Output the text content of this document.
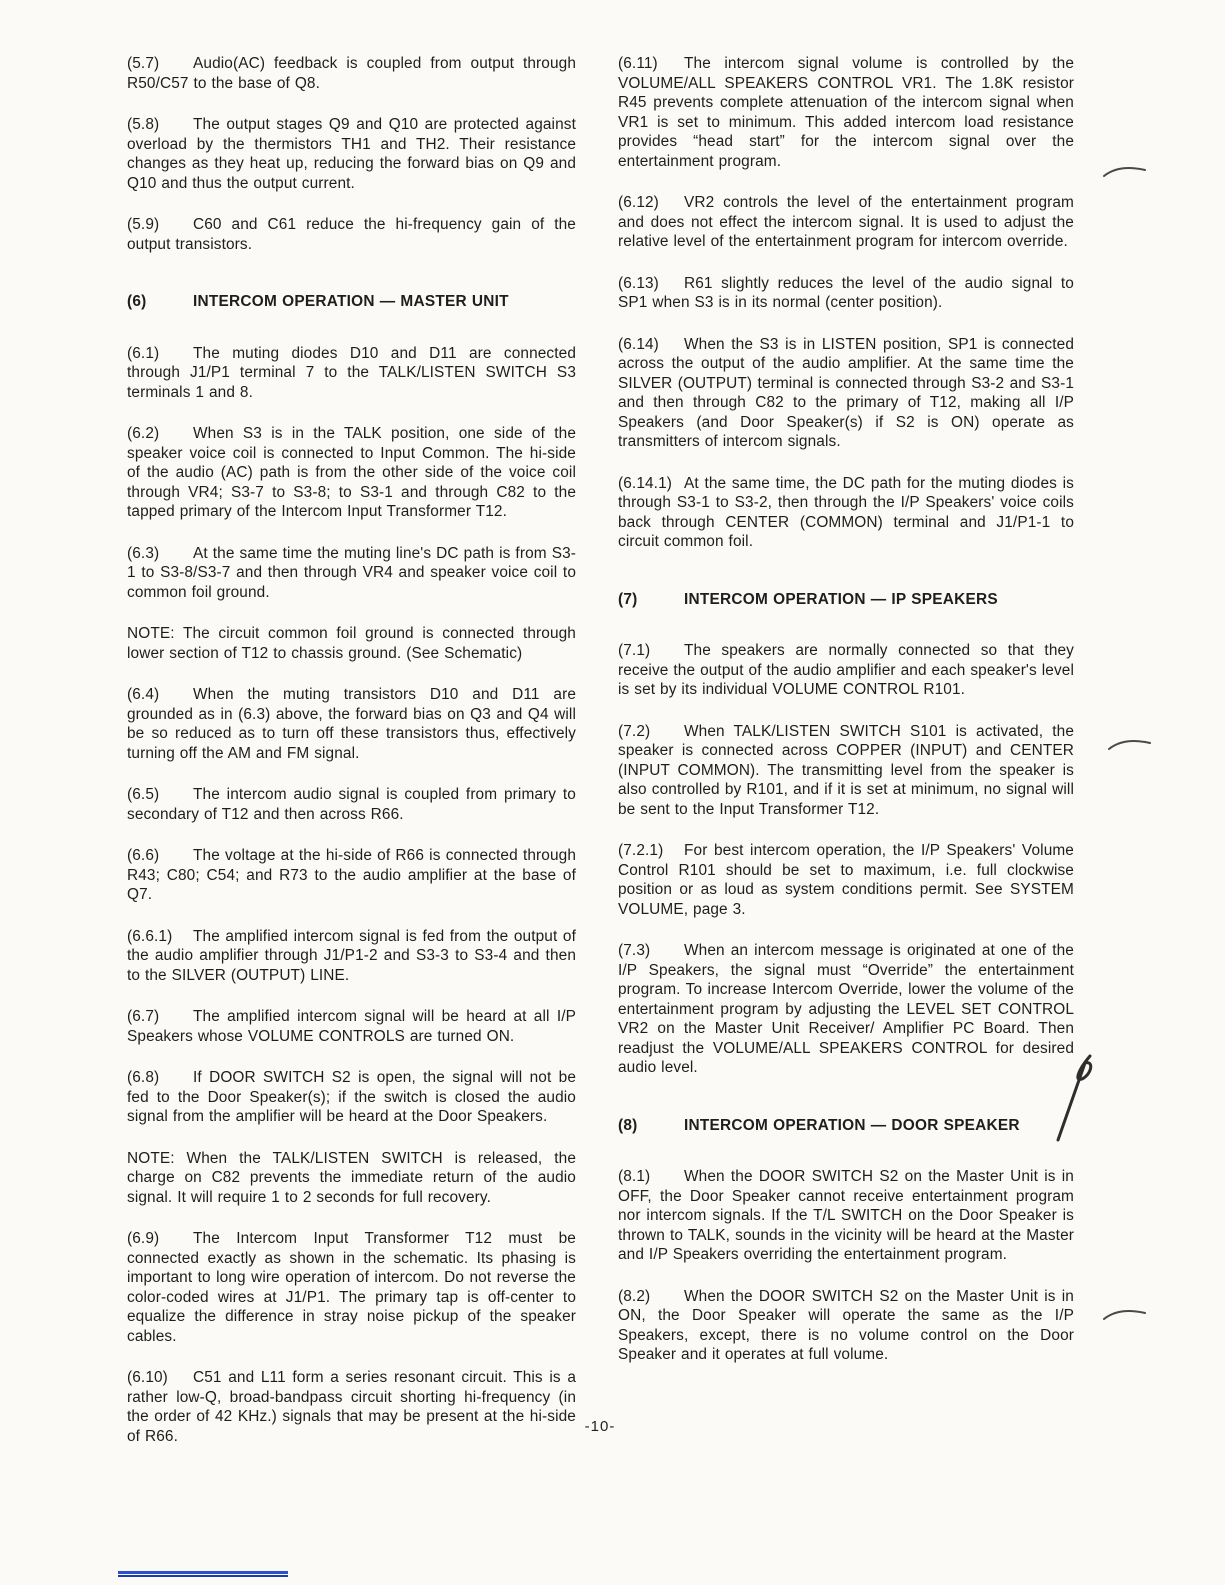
(5.7) Audio(AC) feedback is coupled from output through R50/C57 to the base of Q8.
(5.8) The output stages Q9 and Q10 are protected against overload by the thermistors TH1 and TH2. Their resistance changes as they heat up, reducing the forward bias on Q9 and Q10 and thus the output current.
(5.9) C60 and C61 reduce the hi-frequency gain of the output transistors.
(6)	INTERCOM OPERATION — MASTER UNIT
(6.1) The muting diodes D10 and D11 are connected through J1/P1 terminal 7 to the TALK/LISTEN SWITCH S3 terminals 1 and 8.
(6.2) When S3 is in the TALK position, one side of the speaker voice coil is connected to Input Common. The hi-side of the audio (AC) path is from the other side of the voice coil through VR4; S3-7 to S3-8; to S3-1 and through C82 to the tapped primary of the Intercom Input Transformer T12.
(6.3) At the same time the muting line's DC path is from S3-1 to S3-8/S3-7 and then through VR4 and speaker voice coil to common foil ground.
NOTE: The circuit common foil ground is connected through lower section of T12 to chassis ground. (See Schematic)
(6.4) When the muting transistors D10 and D11 are grounded as in (6.3) above, the forward bias on Q3 and Q4 will be so reduced as to turn off these transistors thus, effectively turning off the AM and FM signal.
(6.5) The intercom audio signal is coupled from primary to secondary of T12 and then across R66.
(6.6) The voltage at the hi-side of R66 is connected through R43; C80; C54; and R73 to the audio amplifier at the base of Q7.
(6.6.1) The amplified intercom signal is fed from the output of the audio amplifier through J1/P1-2 and S3-3 to S3-4 and then to the SILVER (OUTPUT) LINE.
(6.7) The amplified intercom signal will be heard at all I/P Speakers whose VOLUME CONTROLS are turned ON.
(6.8) If DOOR SWITCH S2 is open, the signal will not be fed to the Door Speaker(s); if the switch is closed the audio signal from the amplifier will be heard at the Door Speakers.
NOTE: When the TALK/LISTEN SWITCH is released, the charge on C82 prevents the immediate return of the audio signal. It will require 1 to 2 seconds for full recovery.
(6.9) The Intercom Input Transformer T12 must be connected exactly as shown in the schematic. Its phasing is important to long wire operation of intercom. Do not reverse the color-coded wires at J1/P1. The primary tap is off-center to equalize the difference in stray noise pickup of the speaker cables.
(6.10) C51 and L11 form a series resonant circuit. This is a rather low-Q, broad-bandpass circuit shorting hi-frequency (in the order of 42 KHz.) signals that may be present at the hi-side of R66.
(6.11) The intercom signal volume is controlled by the VOLUME/ALL SPEAKERS CONTROL VR1. The 1.8K resistor R45 prevents complete attenuation of the intercom signal when VR1 is set to minimum. This added intercom load resistance provides “head start” for the intercom signal over the entertainment program.
(6.12) VR2 controls the level of the entertainment program and does not effect the intercom signal. It is used to adjust the relative level of the entertainment program for intercom override.
(6.13) R61 slightly reduces the level of the audio signal to SP1 when S3 is in its normal (center position).
(6.14) When the S3 is in LISTEN position, SP1 is connected across the output of the audio amplifier. At the same time the SILVER (OUTPUT) terminal is connected through S3-2 and S3-1 and then through C82 to the primary of T12, making all I/P Speakers (and Door Speaker(s) if S2 is ON) operate as transmitters of intercom signals.
(6.14.1) At the same time, the DC path for the muting diodes is through S3-1 to S3-2, then through the I/P Speakers' voice coils back through CENTER (COMMON) terminal and J1/P1-1 to circuit common foil.
(7)	INTERCOM OPERATION — IP SPEAKERS
(7.1) The speakers are normally connected so that they receive the output of the audio amplifier and each speaker's level is set by its individual VOLUME CONTROL R101.
(7.2) When TALK/LISTEN SWITCH S101 is activated, the speaker is connected across COPPER (INPUT) and CENTER (INPUT COMMON). The transmitting level from the speaker is also controlled by R101, and if it is set at minimum, no signal will be sent to the Input Transformer T12.
(7.2.1) For best intercom operation, the I/P Speakers' Volume Control R101 should be set to maximum, i.e. full clockwise position or as loud as system conditions permit. See SYSTEM VOLUME, page 3.
(7.3) When an intercom message is originated at one of the I/P Speakers, the signal must “Override” the entertainment program. To increase Intercom Override, lower the volume of the entertainment program by adjusting the LEVEL SET CONTROL VR2 on the Master Unit Receiver/ Amplifier PC Board. Then readjust the VOLUME/ALL SPEAKERS CONTROL for desired audio level.
(8)	INTERCOM OPERATION — DOOR SPEAKER
(8.1) When the DOOR SWITCH S2 on the Master Unit is in OFF, the Door Speaker cannot receive entertainment program nor intercom signals. If the T/L SWITCH on the Door Speaker is thrown to TALK, sounds in the vicinity will be heard at the Master and I/P Speakers overriding the entertainment program.
(8.2) When the DOOR SWITCH S2 on the Master Unit is in ON, the Door Speaker will operate the same as the I/P Speakers, except, there is no volume control on the Door Speaker and it operates at full volume.
-10-
